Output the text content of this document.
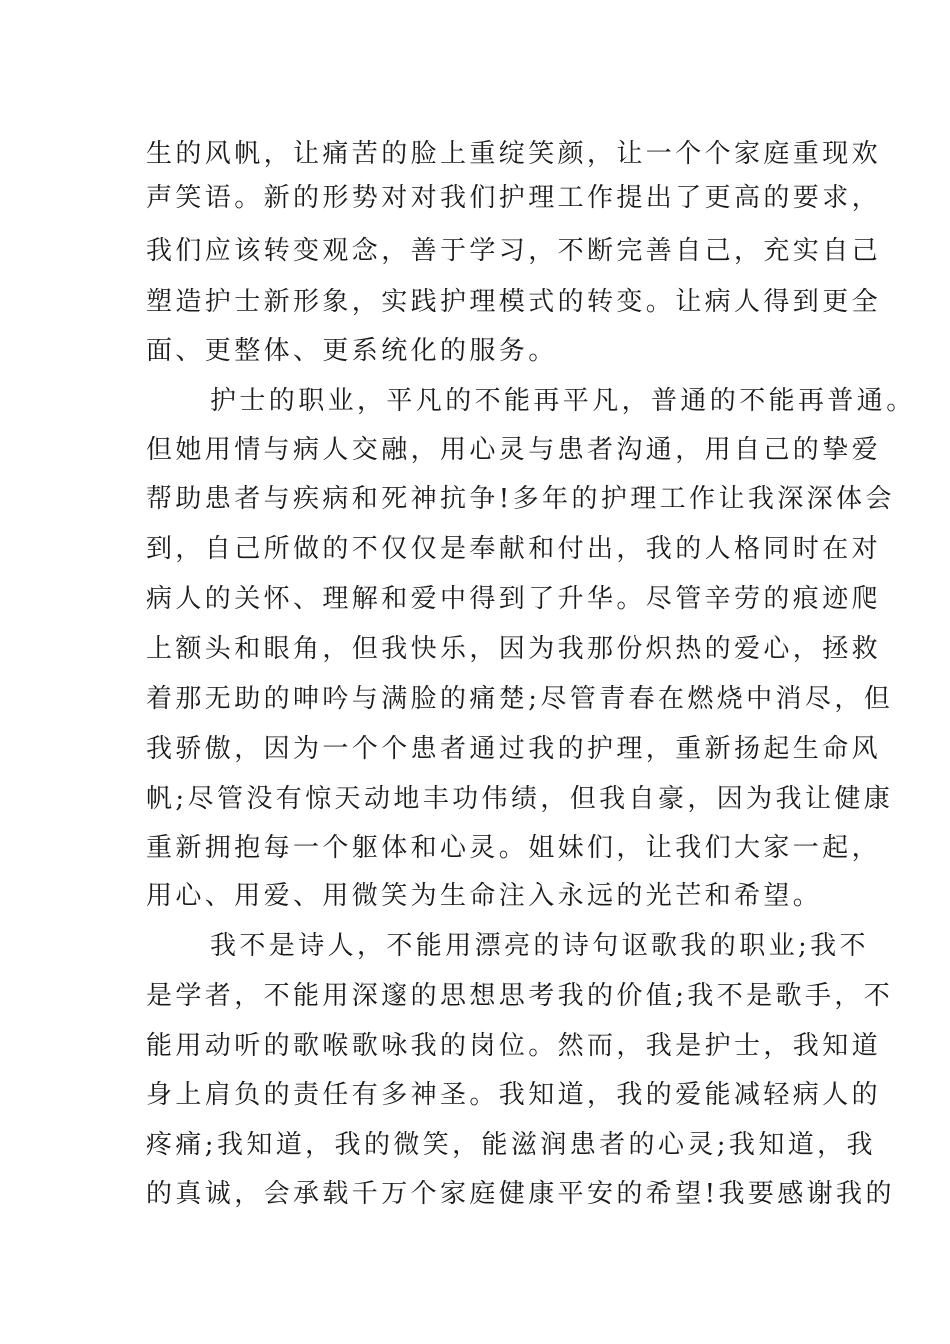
生的风帆，让痛苦的脸上重绽笑颜，让一个个家庭重现欢
声笑语。新的形势对对我们护理工作提出了更高的要求，
我们应该转变观念，善于学习，不断完善自己，充实自己
塑造护士新形象，实践护理模式的转变。让病人得到更全
面、更整体、更系统化的服务。
护士的职业，平凡的不能再平凡，普通的不能再普通。
但她用情与病人交融，用心灵与患者沟通，用自己的挚爱
帮助患者与疾病和死神抗争!多年的护理工作让我深深体会
到，自己所做的不仅仅是奉献和付出，我的人格同时在对
病人的关怀、理解和爱中得到了升华。尽管辛劳的痕迹爬
上额头和眼角，但我快乐，因为我那份炽热的爱心，拯救
着那无助的呻吟与满脸的痛楚;尽管青春在燃烧中消尽，但
我骄傲，因为一个个患者通过我的护理，重新扬起生命风
帆;尽管没有惊天动地丰功伟绩，但我自豪，因为我让健康
重新拥抱每一个躯体和心灵。姐妹们，让我们大家一起，
用心、用爱、用微笑为生命注入永远的光芒和希望。
我不是诗人，不能用漂亮的诗句讴歌我的职业;我不
是学者，不能用深邃的思想思考我的价值;我不是歌手，不
能用动听的歌喉歌咏我的岗位。然而，我是护士，我知道
身上肩负的责任有多神圣。我知道，我的爱能减轻病人的
疼痛;我知道，我的微笑，能滋润患者的心灵;我知道，我
的真诚，会承载千万个家庭健康平安的希望!我要感谢我的
